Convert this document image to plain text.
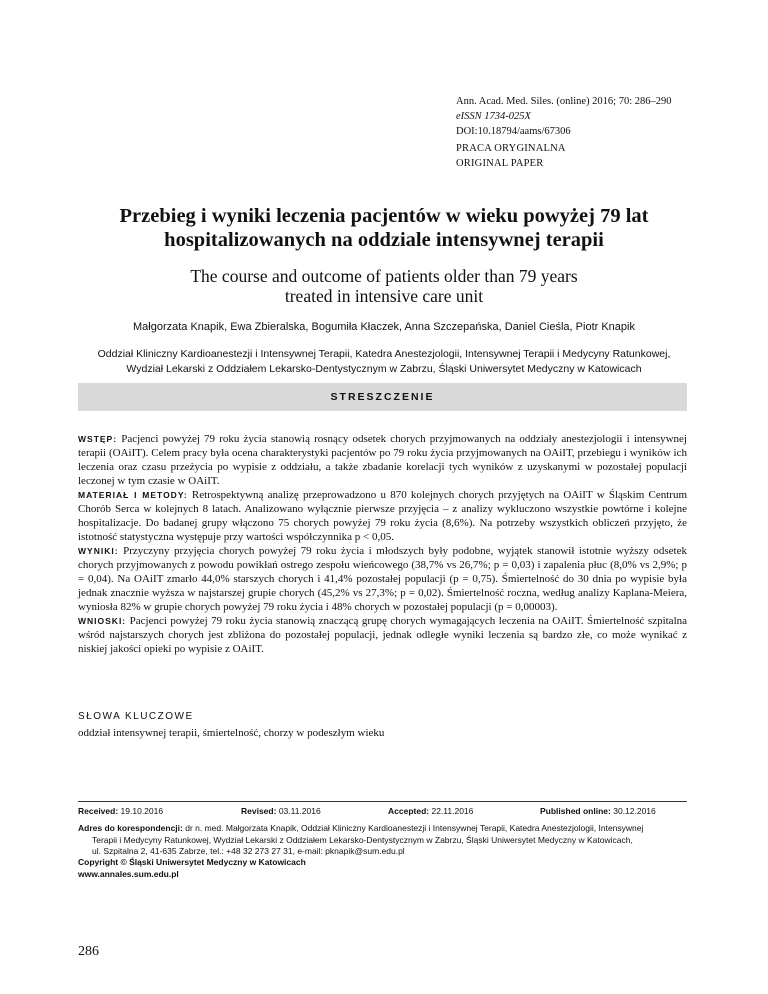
Ann. Acad. Med. Siles. (online) 2016; 70: 286–290
eISSN 1734-025X
DOI:10.18794/aams/67306
PRACA ORYGINALNA
ORIGINAL PAPER
Przebieg i wyniki leczenia pacjentów w wieku powyżej 79 lat
hospitalizowanych na oddziale intensywnej terapii
The course and outcome of patients older than 79 years
treated in intensive care unit
Małgorzata Knapik, Ewa Zbieralska, Bogumiła Kłaczek, Anna Szczepańska, Daniel Cieśla, Piotr Knapik
Oddział Kliniczny Kardioanestezji i Intensywnej Terapii, Katedra Anestezjologii, Intensywnej Terapii i Medycyny Ratunkowej,
Wydział Lekarski z Oddziałem Lekarsko-Dentystycznym w Zabrzu, Śląski Uniwersytet Medyczny w Katowicach
STRESZCZENIE

WSTĘP: Pacjenci powyżej 79 roku życia stanowią rosnący odsetek chorych przyjmowanych na oddziały anestezjologii i intensywnej terapii (OAiIT). Celem pracy była ocena charakterystyki pacjentów po 79 roku życia przyjmowanych na OAiIT, przebiegu i wyników ich leczenia oraz czasu przeżycia po wypisie z oddziału, a także zbadanie korelacji tych wyników z uzyskanymi w pozostałej populacji leczonej w tym czasie w OAiIT.

MATERIAŁ I METODY: Retrospektywną analizę przeprowadzono u 870 kolejnych chorych przyjętych na OAiIT w Śląskim Centrum Chorób Serca w kolejnych 8 latach. Analizowano wyłącznie pierwsze przyjęcia – z analizy wykluczono wszystkie powtórne i kolejne hospitalizacje. Do badanej grupy włączono 75 chorych powyżej 79 roku życia (8,6%). Na potrzeby wszystkich obliczeń przyjęto, że istotność statystyczna występuje przy wartości współczynnika p < 0,05.

WYNIKI: Przyczyny przyjęcia chorych powyżej 79 roku życia i młodszych były podobne, wyjątek stanowił istotnie wyższy odsetek chorych przyjmowanych z powodu powikłań ostrego zespołu wieńcowego (38,7% vs 26,7%; p = 0,03) i zapalenia płuc (8,0% vs 2,9%; p = 0,04). Na OAiIT zmarło 44,0% starszych chorych i 41,4% pozostałej populacji (p = 0,75). Śmiertelność do 30 dnia po wypisie była jednak znacznie wyższa w najstarszej grupie chorych (45,2% vs 27,3%; p = 0,02). Śmiertelność roczna, według analizy Kaplana-Meiera, wyniosła 82% w grupie chorych powyżej 79 roku życia i 48% chorych w pozostałej populacji (p = 0,00003).

WNIOSKI: Pacjenci powyżej 79 roku życia stanowią znaczącą grupę chorych wymagających leczenia na OAiIT. Śmiertelność szpitalna wśród najstarszych chorych jest zbliżona do pozostałej populacji, jednak odległe wyniki leczenia są bardzo złe, co może wynikać z niskiej jakości opieki po wypisie z OAiIT.

SŁOWA KLUCZOWE
oddział intensywnej terapii, śmiertelność, chorzy w podeszłym wieku
Received: 19.10.2016	Revised: 03.11.2016	Accepted: 22.11.2016	Published online: 30.12.2016
Adres do korespondencji: dr n. med. Małgorzata Knapik, Oddział Kliniczny Kardioanestezji i Intensywnej Terapii, Katedra Anestezjologii, Intensywnej
Terapii i Medycyny Ratunkowej, Wydział Lekarski z Oddziałem Lekarsko-Dentystycznym w Zabrzu, Śląski Uniwersytet Medyczny w Katowicach,
ul. Szpitalna 2, 41-635 Zabrze, tel.: +48 32 273 27 31, e-mail: pknapik@sum.edu.pl
Copyright © Śląski Uniwersytet Medyczny w Katowicach
www.annales.sum.edu.pl
286
